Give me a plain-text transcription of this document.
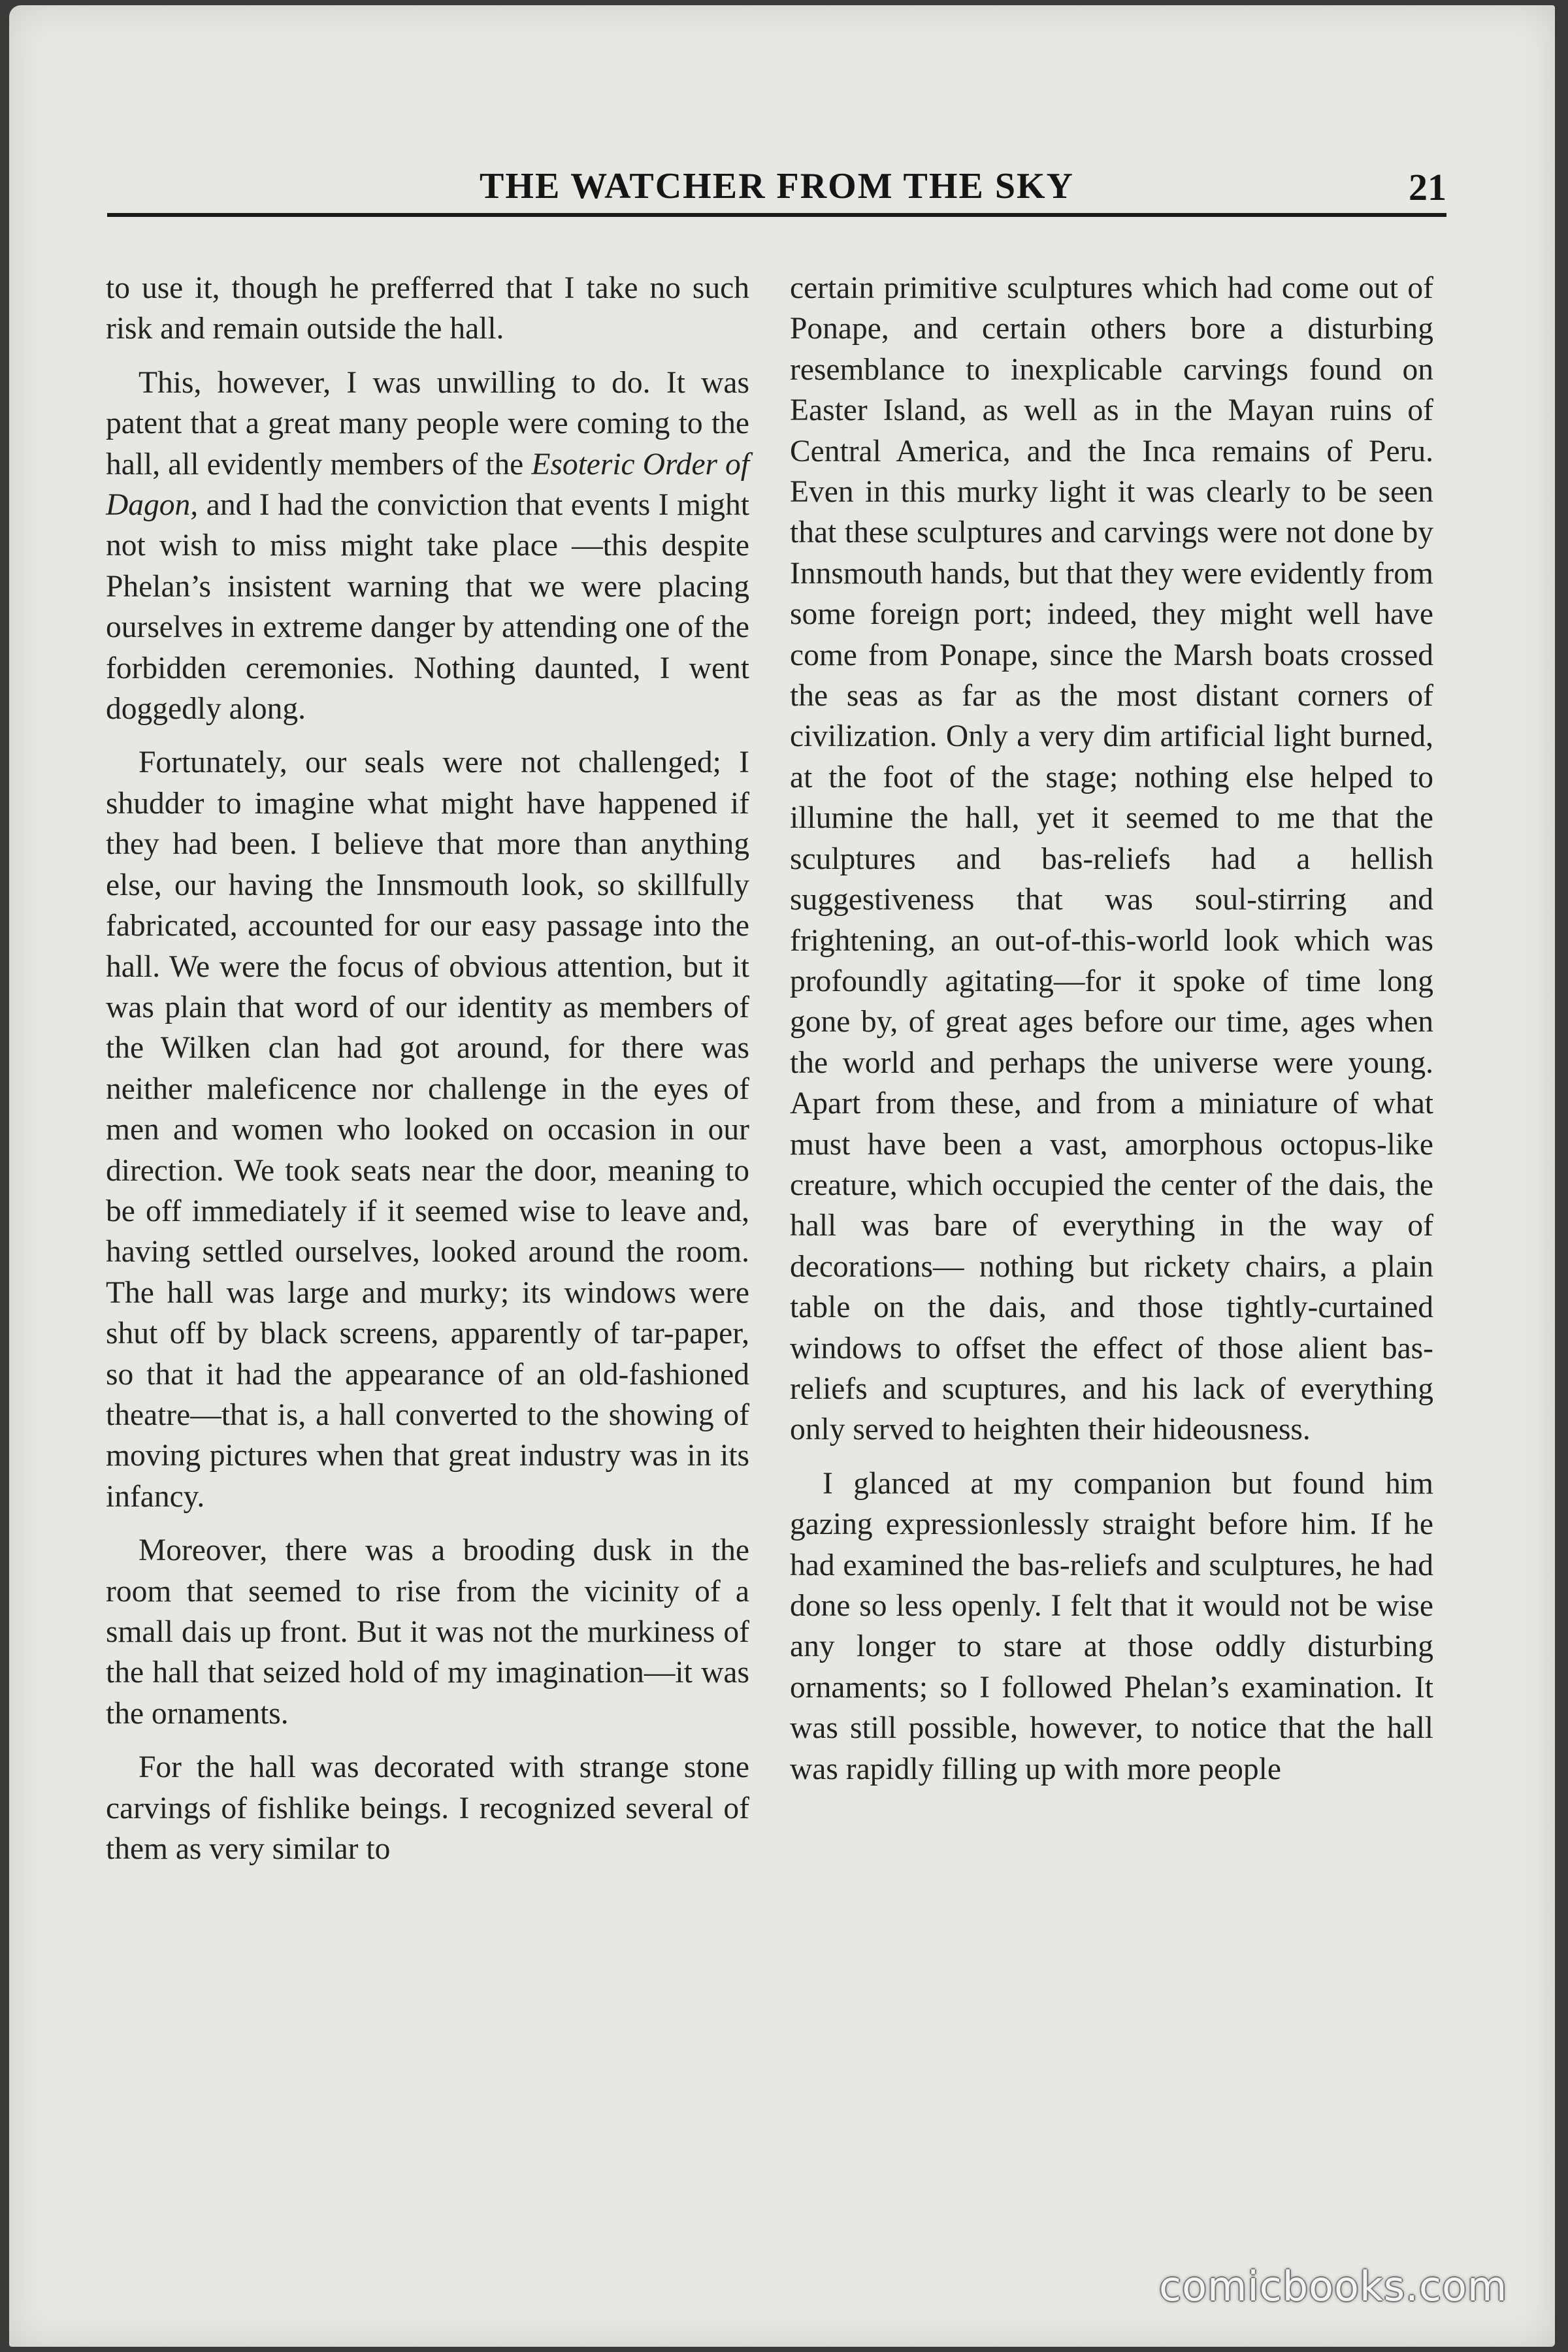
THE WATCHER FROM THE SKY	21

to use it, though he prefferred that I take no such risk and remain outside the hall.

This, however, I was unwilling to do. It was patent that a great many people were coming to the hall, all evidently members of the Esoteric Order of Dagon, and I had the conviction that events I might not wish to miss might take place —this despite Phelan’s insistent warning that we were placing ourselves in extreme danger by attending one of the forbidden ceremonies. Nothing daunted, I went doggedly along.

Fortunately, our seals were not challenged; I shudder to imagine what might have happened if they had been. I believe that more than anything else, our having the Innsmouth look, so skillfully fabricated, accounted for our easy passage into the hall. We were the focus of obvious attention, but it was plain that word of our identity as members of the Wilken clan had got around, for there was neither maleficence nor challenge in the eyes of men and women who looked on occasion in our direction. We took seats near the door, meaning to be off immediately if it seemed wise to leave and, having settled ourselves, looked around the room. The hall was large and murky; its windows were shut off by black screens, apparently of tar-paper, so that it had the appearance of an old-fashioned theatre—that is, a hall converted to the showing of moving pictures when that great industry was in its infancy.

Moreover, there was a brooding dusk in the room that seemed to rise from the vicinity of a small dais up front. But it was not the murkiness of the hall that seized hold of my imagination—it was the ornaments.

For the hall was decorated with strange stone carvings of fishlike beings. I recognized several of them as very similar to

certain primitive sculptures which had come out of Ponape, and certain others bore a disturbing resemblance to inexplicable carvings found on Easter Island, as well as in the Mayan ruins of Central America, and the Inca remains of Peru. Even in this murky light it was clearly to be seen that these sculptures and carvings were not done by Innsmouth hands, but that they were evidently from some foreign port; indeed, they might well have come from Ponape, since the Marsh boats crossed the seas as far as the most distant corners of civilization. Only a very dim artificial light burned, at the foot of the stage; nothing else helped to illumine the hall, yet it seemed to me that the sculptures and bas-reliefs had a hellish suggestiveness that was soul-stirring and frightening, an out-of-this-world look which was profoundly agitating—for it spoke of time long gone by, of great ages before our time, ages when the world and perhaps the universe were young. Apart from these, and from a miniature of what must have been a vast, amorphous octopus-like creature, which occupied the center of the dais, the hall was bare of everything in the way of decorations— nothing but rickety chairs, a plain table on the dais, and those tightly-curtained windows to offset the effect of those alient bas-reliefs and scuptures, and his lack of everything only served to heighten their hideousness.

I glanced at my companion but found him gazing expressionlessly straight before him. If he had examined the bas-reliefs and sculptures, he had done so less openly. I felt that it would not be wise any longer to stare at those oddly disturbing ornaments; so I followed Phelan’s examination. It was still possible, however, to notice that the hall was rapidly filling up with more people

comicbooks.com
